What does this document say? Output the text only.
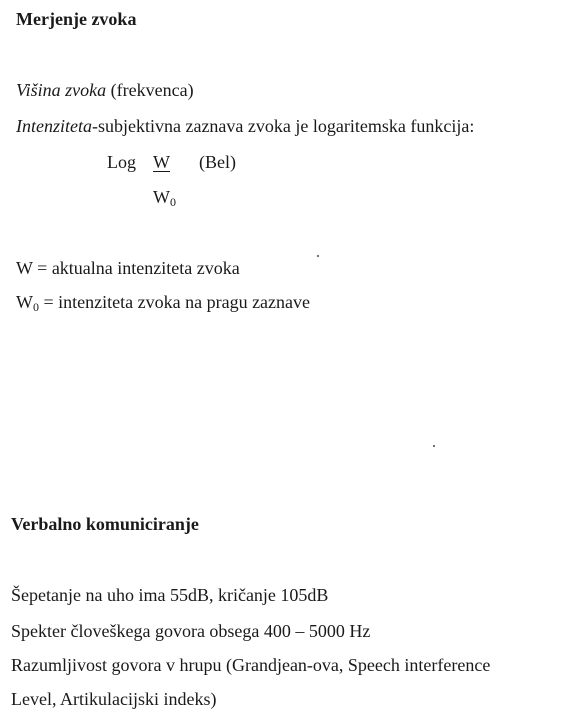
Merjenje zvoka
Višina zvoka (frekvenca)
Intenziteta-subjektivna zaznava zvoka je logaritemska funkcija:
Log W (Bel)
$W_0$
W = aktualna intenziteta zvoka
$W_0$ = intenziteta zvoka na pragu zaznave
Verbalno komuniciranje
Šepetanje na uho ima 55dB, kričanje 105dB
Spekter človeškega govora obsega 400 – 5000 Hz
Razumljivost govora v hrupu (Grandjean-ova, Speech interference
Level, Artikulacijski indeks)
